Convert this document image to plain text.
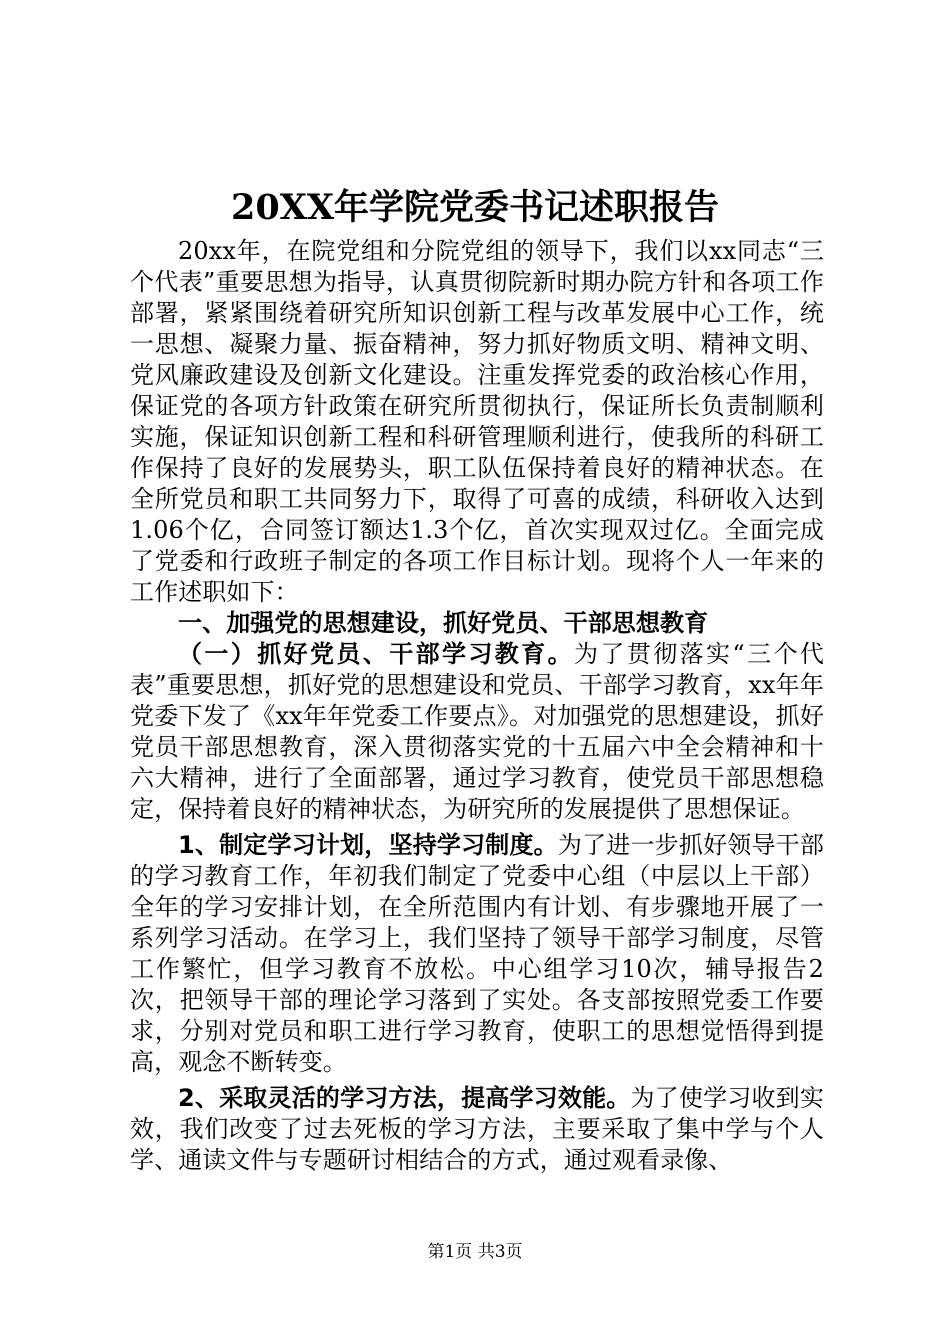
20XX年学院党委书记述职报告

20xx年，在院党组和分院党组的领导下，我们以xx同志“三个代表”重要思想为指导，认真贯彻院新时期办院方针和各项工作部署，紧紧围绕着研究所知识创新工程与改革发展中心工作，统一思想、凝聚力量、振奋精神，努力抓好物质文明、精神文明、党风廉政建设及创新文化建设。注重发挥党委的政治核心作用，保证党的各项方针政策在研究所贯彻执行，保证所长负责制顺利实施，保证知识创新工程和科研管理顺利进行，使我所的科研工作保持了良好的发展势头，职工队伍保持着良好的精神状态。在全所党员和职工共同努力下，取得了可喜的成绩，科研收入达到1.06个亿，合同签订额达1.3个亿，首次实现双过亿。全面完成了党委和行政班子制定的各项工作目标计划。现将个人一年来的工作述职如下：

一、加强党的思想建设，抓好党员、干部思想教育

（一）抓好党员、干部学习教育。为了贯彻落实“三个代表”重要思想，抓好党的思想建设和党员、干部学习教育，xx年年党委下发了《xx年年党委工作要点》。对加强党的思想建设，抓好党员干部思想教育，深入贯彻落实党的十五届六中全会精神和十六大精神，进行了全面部署，通过学习教育，使党员干部思想稳定，保持着良好的精神状态，为研究所的发展提供了思想保证。

1、制定学习计划，坚持学习制度。为了进一步抓好领导干部的学习教育工作，年初我们制定了党委中心组（中层以上干部）全年的学习安排计划，在全所范围内有计划、有步骤地开展了一系列学习活动。在学习上，我们坚持了领导干部学习制度，尽管工作繁忙，但学习教育不放松。中心组学习10次，辅导报告2次，把领导干部的理论学习落到了实处。各支部按照党委工作要求，分别对党员和职工进行学习教育，使职工的思想觉悟得到提高，观念不断转变。

2、采取灵活的学习方法，提高学习效能。为了使学习收到实效，我们改变了过去死板的学习方法，主要采取了集中学与个人学、通读文件与专题研讨相结合的方式，通过观看录像、

第1页 共3页
